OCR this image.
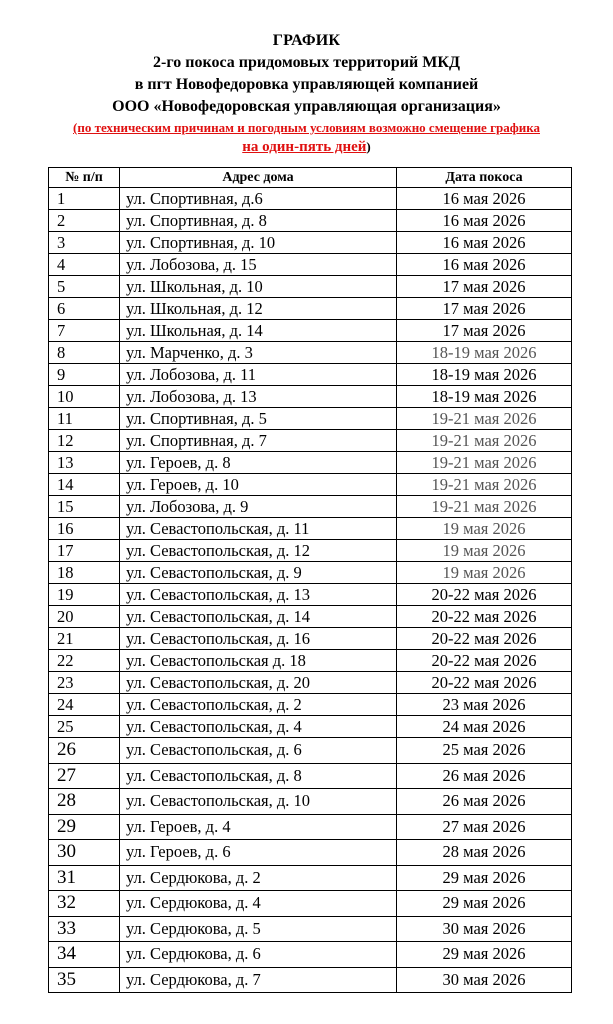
ГРАФИК
2-го покоса придомовых территорий МКД
в пгт Новофедоровка управляющей компанией
ООО «Новофедоровская управляющая организация»
(по техническим причинам и погодным условиям возможно смещение графика
на один-пять дней)
№ п/п	Адрес дома	Дата покоса
1	ул. Спортивная, д.6	16 мая 2026
2	ул. Спортивная, д. 8	16 мая 2026
3	ул. Спортивная, д. 10	16 мая 2026
4	ул. Лобозова, д. 15	16 мая 2026
5	ул. Школьная, д. 10	17 мая 2026
6	ул. Школьная, д. 12	17 мая 2026
7	ул. Школьная, д. 14	17 мая 2026
8	ул. Марченко, д. 3	18-19 мая 2026
9	ул. Лобозова, д. 11	18-19 мая 2026
10	ул. Лобозова, д. 13	18-19 мая 2026
11	ул. Спортивная, д. 5	19-21 мая 2026
12	ул. Спортивная, д. 7	19-21 мая 2026
13	ул. Героев, д. 8	19-21 мая 2026
14	ул. Героев, д. 10	19-21 мая 2026
15	ул. Лобозова, д. 9	19-21 мая 2026
16	ул. Севастопольская, д. 11	19 мая 2026
17	ул. Севастопольская, д. 12	19 мая 2026
18	ул. Севастопольская, д. 9	19 мая 2026
19	ул. Севастопольская, д. 13	20-22 мая 2026
20	ул. Севастопольская, д. 14	20-22 мая 2026
21	ул. Севастопольская, д. 16	20-22 мая 2026
22	ул. Севастопольская д. 18	20-22 мая 2026
23	ул. Севастопольская, д. 20	20-22 мая 2026
24	ул. Севастопольская, д. 2	23 мая 2026
25	ул. Севастопольская, д. 4	24 мая 2026
26	ул. Севастопольская, д. 6	25 мая 2026
27	ул. Севастопольская, д. 8	26 мая 2026
28	ул. Севастопольская, д. 10	26 мая 2026
29	ул. Героев, д. 4	27 мая 2026
30	ул. Героев, д. 6	28 мая 2026
31	ул. Сердюкова, д. 2	29 мая 2026
32	ул. Сердюкова, д. 4	29 мая 2026
33	ул. Сердюкова, д. 5	30 мая 2026
34	ул. Сердюкова, д. 6	29 мая 2026
35	ул. Сердюкова, д. 7	30 мая 2026
